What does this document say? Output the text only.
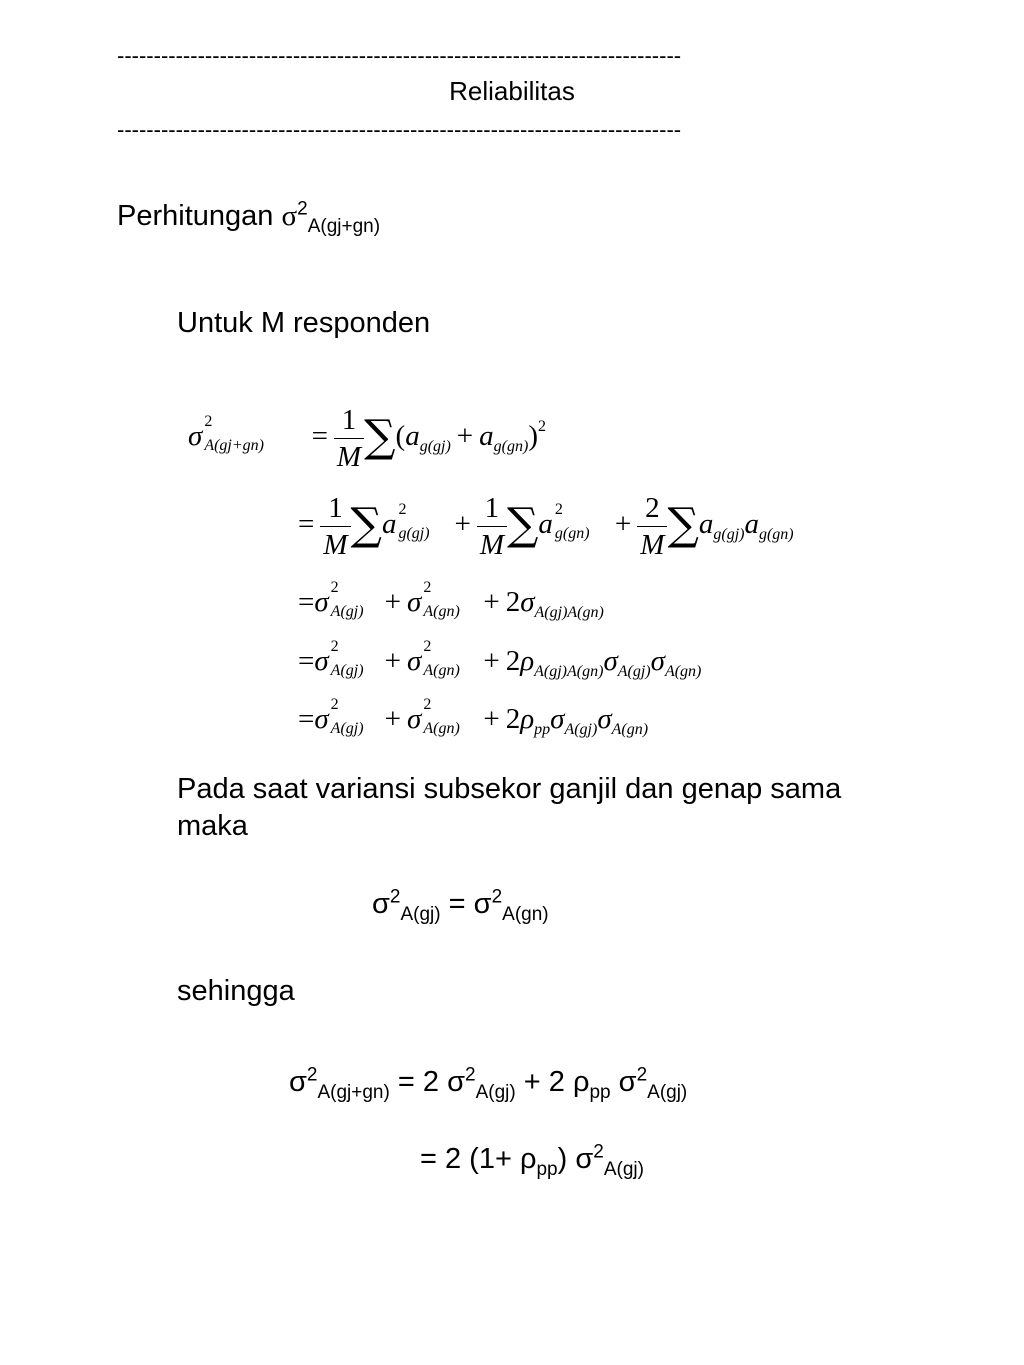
-----------------------------------------------------------------------------
Reliabilitas
-----------------------------------------------------------------------------
Perhitungan $\sigma^2_{A(gj+gn)}$
Untuk M responden
σ 2
$A(gj+gn) = \frac{1}{M} \sum(a_{g(gj)} + a_{g(gn)})^2$
= $\frac{1}{M} \sum a$ 2
$g(gj) + \frac{1}{M} \sum a$ 2
$g(gn) + \frac{2}{M} \sum a_{g(gj)}a_{g(gn)}$
=σ 2
A(gj) + σ 2
$A(gn) + 2\sigma_{A(gj)A(gn)}$
=σ 2
A(gj) + σ 2
$A(gn) + 2\rho_{A(gj)A(gn)}\sigma_{A(gj)}\sigma_{A(gn)}$
=σ 2
A(gj) + σ 2
$A(gn) + 2\rho_{pp}\sigma_{A(gj)}\sigma_{A(gn)}$
Pada saat variansi subsekor ganjil dan genap sama
maka
$\sigma^2_{A(gj)} = \sigma^2_{A(gn)}$
sehingga
$\sigma^2_{A(gj+gn)} = 2$ $\sigma^2_{A(gj)} + 2$ $\rho_{pp}$ $\sigma^2_{A(gj)}$
= 2 $(1+ \rho_{pp})$ $\sigma^2_{A(gj)}$
